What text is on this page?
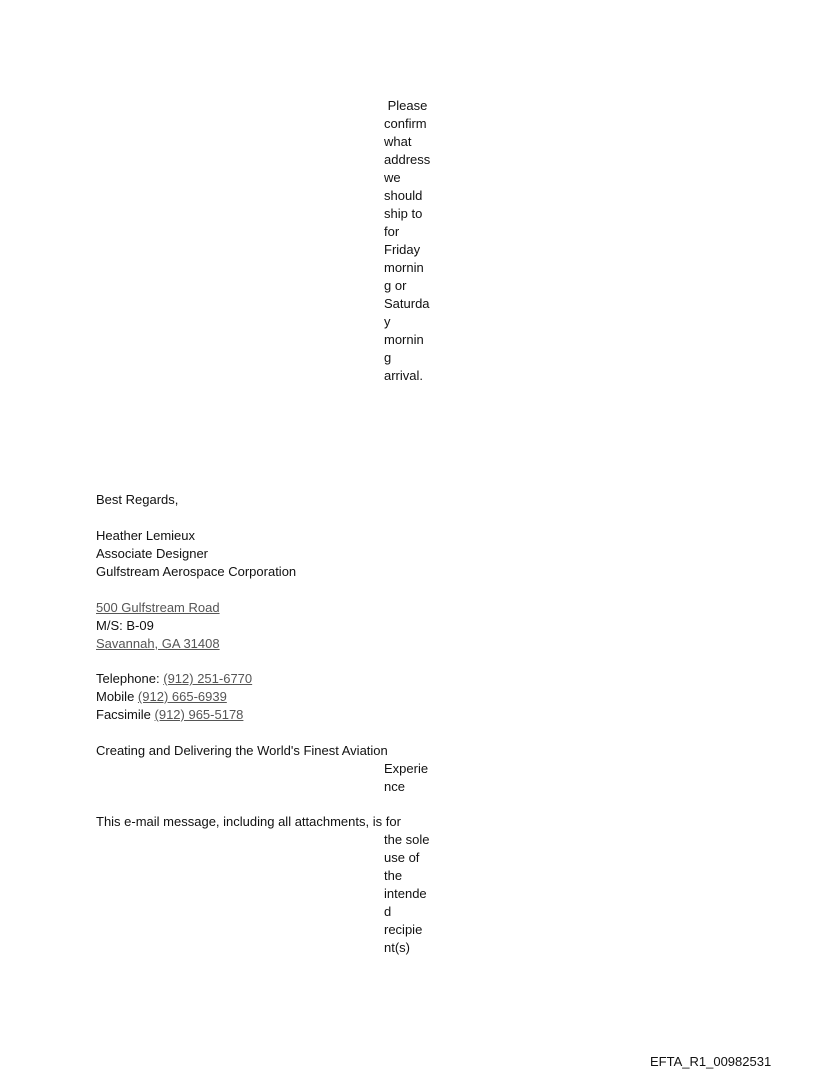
Please

confirm

what

address

we

should

ship to

for

Friday

mornin

g or

Saturda

y

mornin

g

arrival.

Best Regards,

Heather Lemieux

Associate Designer

Gulfstream Aerospace Corporation

500 Gulfstream Road

M/S: B-09

Savannah, GA 31408

Telephone: (912) 251-6770

Mobile (912) 665-6939

Facsimile (912) 965-5178

Creating and Delivering the World's Finest Aviation

Experie

nce

This e-mail message, including all attachments, is for

the sole

use of

the

intende

d

recipie

nt(s)

EFTA_R1_00982531
